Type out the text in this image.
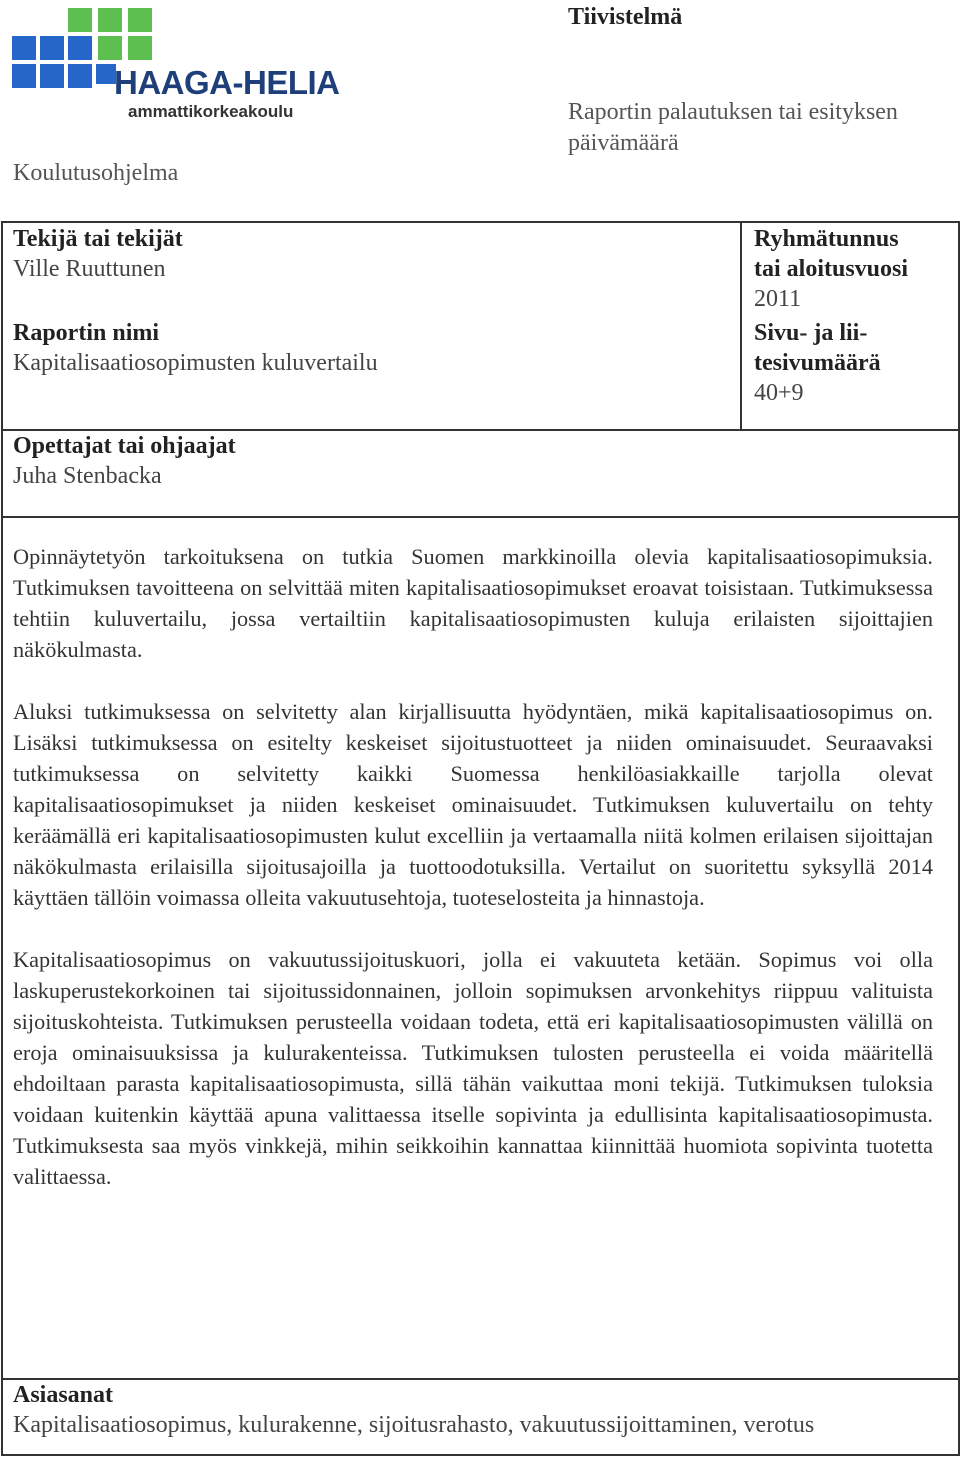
HAAGA-HELIA
ammattikorkeakoulu
Tiivistelmä
Raportin palautuksen tai esityksen päivämäärä
Koulutusohjelma
Tekijä tai tekijät
Ville Ruuttunen
Raportin nimi
Kapitalisaatiosopimusten kuluvertailu
Ryhmätunnus
tai aloitusvuosi
2011
Sivu- ja lii-
tesivumäärä
40+9
Opettajat tai ohjaajat
Juha Stenbacka

Opinnäytetyön tarkoituksena on tutkia Suomen markkinoilla olevia kapitalisaatiosopimuksia. Tutkimuksen tavoitteena on selvittää miten kapitalisaatiosopimukset eroavat toisistaan. Tutkimuksessa tehtiin kuluvertailu, jossa vertailtiin kapitalisaatiosopimusten kuluja erilaisten sijoittajien näkökulmasta.

Aluksi tutkimuksessa on selvitetty alan kirjallisuutta hyödyntäen, mikä kapitalisaatiosopimus on. Lisäksi tutkimuksessa on esitelty keskeiset sijoitustuotteet ja niiden ominaisuudet. Seuraavaksi tutkimuksessa on selvitetty kaikki Suomessa henkilöasiakkaille tarjolla olevat kapitalisaatiosopimukset ja niiden keskeiset ominaisuudet. Tutkimuksen kuluvertailu on tehty keräämällä eri kapitalisaatiosopimusten kulut excelliin ja vertaamalla niitä kolmen erilaisen sijoittajan näkökulmasta erilaisilla sijoitusajoilla ja tuottoodotuksilla. Vertailut on suoritettu syksyllä 2014 käyttäen tällöin voimassa olleita vakuutusehtoja, tuoteselosteita ja hinnastoja.

Kapitalisaatiosopimus on vakuutussijoituskuori, jolla ei vakuuteta ketään. Sopimus voi olla laskuperustekorkoinen tai sijoitussidonnainen, jolloin sopimuksen arvonkehitys riippuu valituista sijoituskohteista. Tutkimuksen perusteella voidaan todeta, että eri kapitalisaatiosopimusten välillä on eroja ominaisuuksissa ja kulurakenteissa. Tutkimuksen tulosten perusteella ei voida määritellä ehdoiltaan parasta kapitalisaatiosopimusta, sillä tähän vaikuttaa moni tekijä. Tutkimuksen tuloksia voidaan kuitenkin käyttää apuna valittaessa itselle sopivinta ja edullisinta kapitalisaatiosopimusta. Tutkimuksesta saa myös vinkkejä, mihin seikkoihin kannattaa kiinnittää huomiota sopivinta tuotetta valittaessa.

Asiasanat
Kapitalisaatiosopimus, kulurakenne, sijoitusrahasto, vakuutussijoittaminen, verotus
